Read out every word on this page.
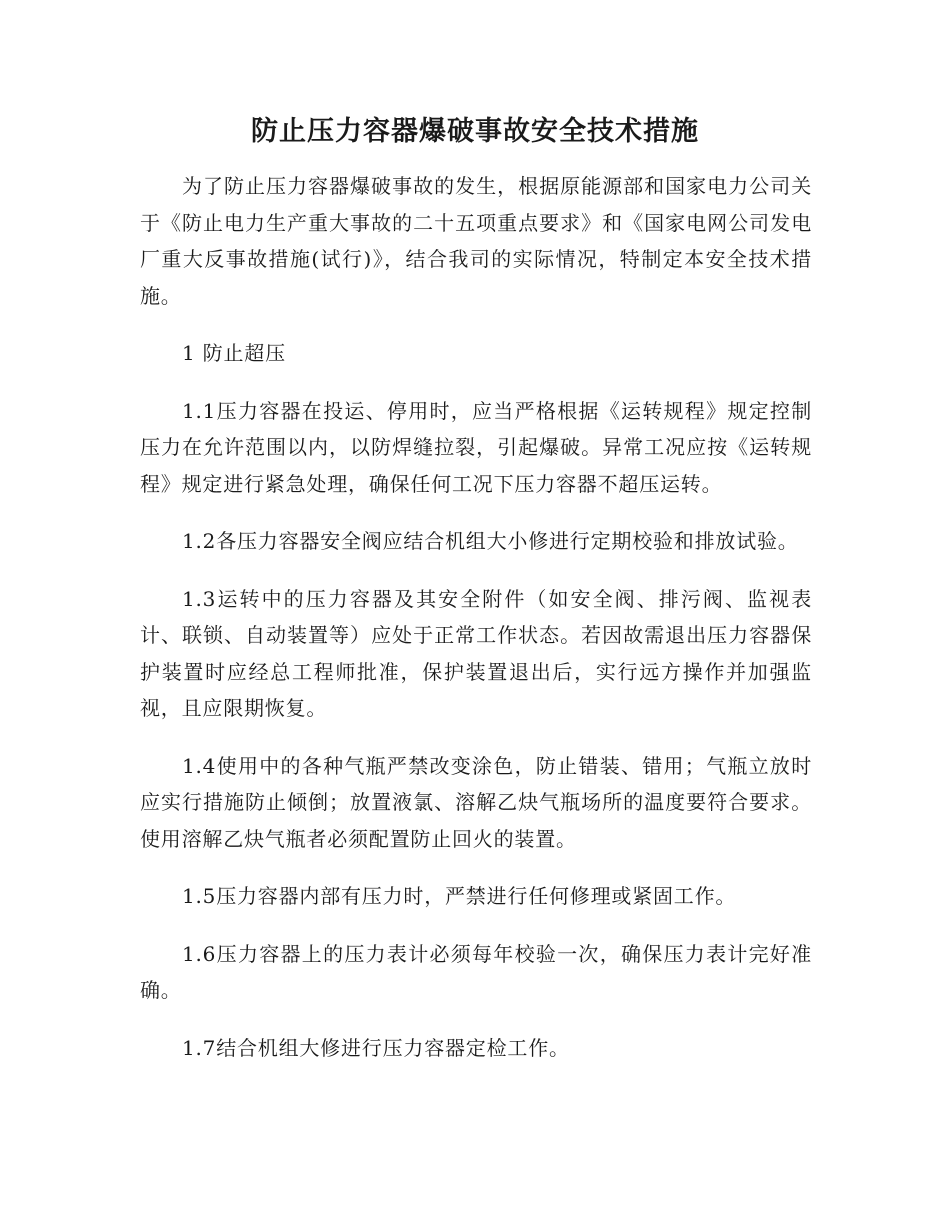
防止压力容器爆破事故安全技术措施

为了防止压力容器爆破事故的发生，根据原能源部和国家电力公司关于《防止电力生产重大事故的二十五项重点要求》和《国家电网公司发电厂重大反事故措施(试行)》，结合我司的实际情况，特制定本安全技术措施。

1 防止超压

1.1压力容器在投运、停用时，应当严格根据《运转规程》规定控制压力在允许范围以内，以防焊缝拉裂，引起爆破。异常工况应按《运转规程》规定进行紧急处理，确保任何工况下压力容器不超压运转。

1.2各压力容器安全阀应结合机组大小修进行定期校验和排放试验。

1.3运转中的压力容器及其安全附件（如安全阀、排污阀、监视表计、联锁、自动装置等）应处于正常工作状态。若因故需退出压力容器保护装置时应经总工程师批准，保护装置退出后，实行远方操作并加强监视，且应限期恢复。

1.4使用中的各种气瓶严禁改变涂色，防止错装、错用；气瓶立放时应实行措施防止倾倒；放置液氯、溶解乙炔气瓶场所的温度要符合要求。使用溶解乙炔气瓶者必须配置防止回火的装置。

1.5压力容器内部有压力时，严禁进行任何修理或紧固工作。

1.6压力容器上的压力表计必须每年校验一次，确保压力表计完好准确。

1.7结合机组大修进行压力容器定检工作。
